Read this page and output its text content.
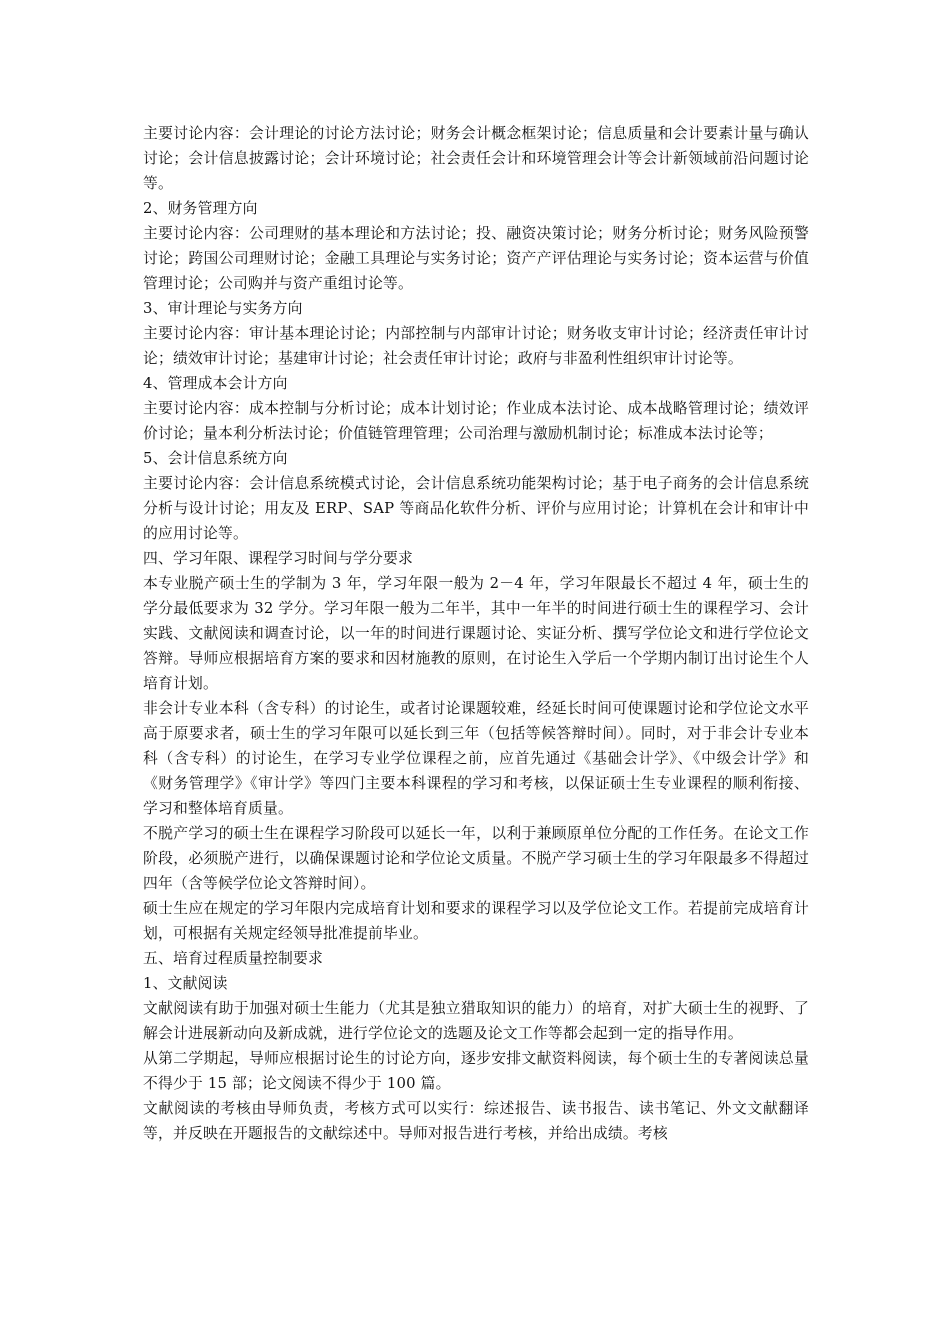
主要讨论内容：会计理论的讨论方法讨论；财务会计概念框架讨论；信息质量和会计要素计量与确认讨论；会计信息披露讨论；会计环境讨论；社会责任会计和环境管理会计等会计新领域前沿问题讨论等。

2、财务管理方向

主要讨论内容：公司理财的基本理论和方法讨论；投、融资决策讨论；财务分析讨论；财务风险预警讨论；跨国公司理财讨论；金融工具理论与实务讨论；资产产评估理论与实务讨论；资本运营与价值管理讨论；公司购并与资产重组讨论等。

3、审计理论与实务方向

主要讨论内容：审计基本理论讨论；内部控制与内部审计讨论；财务收支审计讨论；经济责任审计讨论；绩效审计讨论；基建审计讨论；社会责任审计讨论；政府与非盈利性组织审计讨论等。

4、管理成本会计方向

主要讨论内容：成本控制与分析讨论；成本计划讨论；作业成本法讨论、成本战略管理讨论；绩效评价讨论；量本利分析法讨论；价值链管理管理；公司治理与激励机制讨论；标准成本法讨论等；

5、会计信息系统方向

主要讨论内容：会计信息系统模式讨论，会计信息系统功能架构讨论；基于电子商务的会计信息系统分析与设计讨论；用友及 ERP、SAP 等商品化软件分析、评价与应用讨论；计算机在会计和审计中的应用讨论等。

四、学习年限、课程学习时间与学分要求

本专业脱产硕士生的学制为 3 年，学习年限一般为 2－4 年，学习年限最长不超过 4 年，硕士生的学分最低要求为 32 学分。学习年限一般为二年半，其中一年半的时间进行硕士生的课程学习、会计实践、文献阅读和调查讨论，以一年的时间进行课题讨论、实证分析、撰写学位论文和进行学位论文答辩。导师应根据培育方案的要求和因材施教的原则，在讨论生入学后一个学期内制订出讨论生个人培育计划。

非会计专业本科（含专科）的讨论生，或者讨论课题较难，经延长时间可使课题讨论和学位论文水平高于原要求者，硕士生的学习年限可以延长到三年（包括等候答辩时间）。同时，对于非会计专业本科（含专科）的讨论生，在学习专业学位课程之前，应首先通过《基础会计学》、《中级会计学》和《财务管理学》《审计学》等四门主要本科课程的学习和考核，以保证硕士生专业课程的顺利衔接、学习和整体培育质量。

不脱产学习的硕士生在课程学习阶段可以延长一年，以利于兼顾原单位分配的工作任务。在论文工作阶段，必须脱产进行，以确保课题讨论和学位论文质量。不脱产学习硕士生的学习年限最多不得超过四年（含等候学位论文答辩时间）。

硕士生应在规定的学习年限内完成培育计划和要求的课程学习以及学位论文工作。若提前完成培育计划，可根据有关规定经领导批准提前毕业。

五、培育过程质量控制要求

1、文献阅读

文献阅读有助于加强对硕士生能力（尤其是独立猎取知识的能力）的培育，对扩大硕士生的视野、了解会计进展新动向及新成就，进行学位论文的选题及论文工作等都会起到一定的指导作用。

从第二学期起，导师应根据讨论生的讨论方向，逐步安排文献资料阅读，每个硕士生的专著阅读总量不得少于 15 部；论文阅读不得少于 100 篇。

文献阅读的考核由导师负责，考核方式可以实行：综述报告、读书报告、读书笔记、外文文献翻译等，并反映在开题报告的文献综述中。导师对报告进行考核，并给出成绩。考核
